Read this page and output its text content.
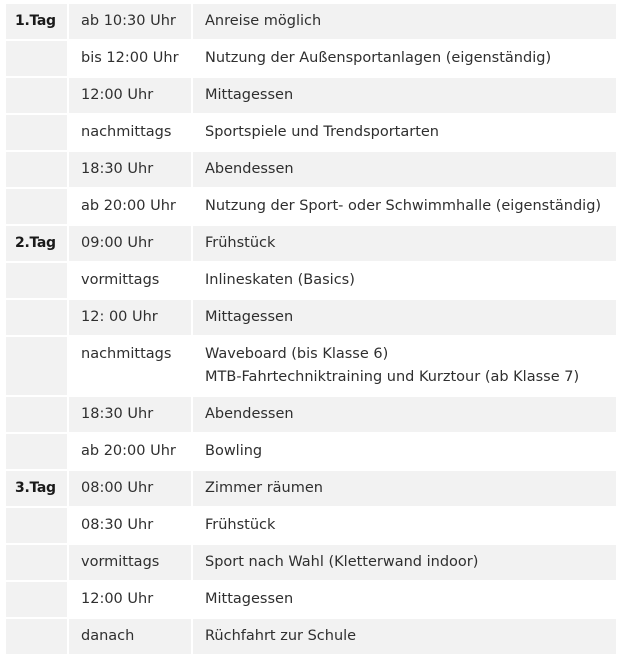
1.Tag	ab 10:30 Uhr	Anreise möglich

	bis 12:00 Uhr	Nutzung der Außensportanlagen (eigenständig)

	12:00 Uhr	Mittagessen

	nachmittags	Sportspiele und Trendsportarten

	18:30 Uhr	Abendessen

	ab 20:00 Uhr	Nutzung der Sport- oder Schwimmhalle (eigenständig)

2.Tag	09:00 Uhr	Frühstück

	vormittags	Inlineskaten (Basics)

	12: 00 Uhr	Mittagessen

	nachmittags	Waveboard (bis Klasse 6)
MTB-Fahrtechniktraining und Kurztour (ab Klasse 7)

	18:30 Uhr	Abendessen

	ab 20:00 Uhr	Bowling

3.Tag	08:00 Uhr	Zimmer räumen

	08:30 Uhr	Frühstück

	vormittags	Sport nach Wahl (Kletterwand indoor)

	12:00 Uhr	Mittagessen

	danach	Rüchfahrt zur Schule
